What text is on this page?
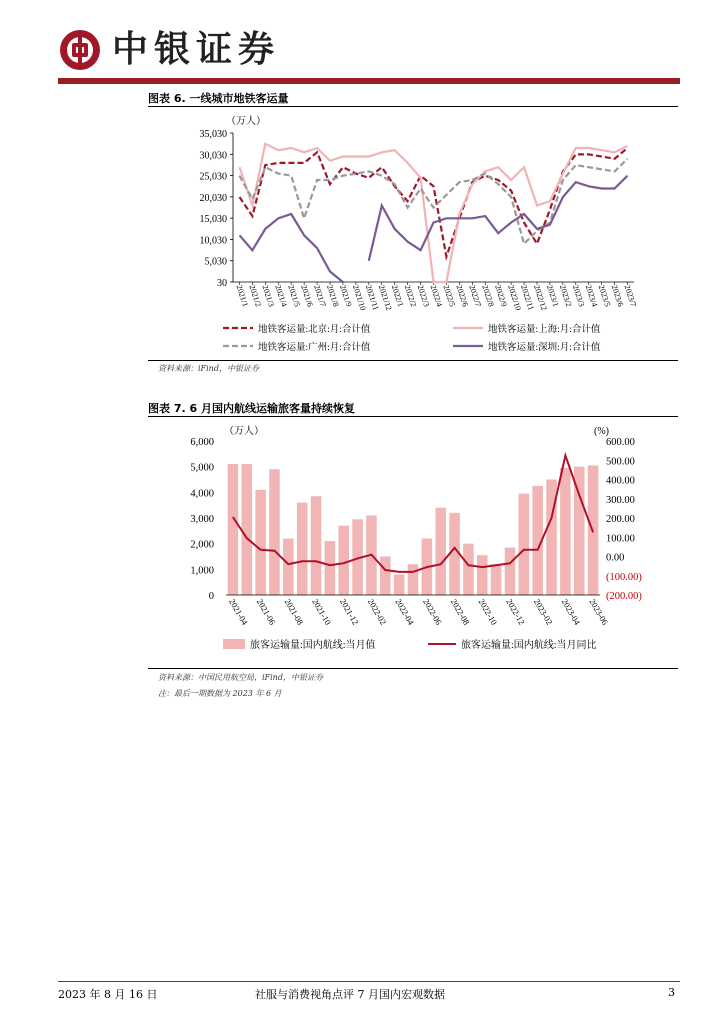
中银证券
图表 6. 一线城市地铁客运量
（万人）
35,030
30,030
25,030
20,030
15,030
10,030
5,030
30
2021/1
2021/2
2021/3
2021/4
2021/5
2021/6
2021/7
2021/8
2021/9
2021/10
2021/11
2021/12
2022/1
2022/2
2022/3
2022/4
2022/5
2022/6
2022/7
2022/8
2022/9
2022/10
2022/11
2022/12
2023/1
2023/2
2023/3
2023/4
2023/5
2023/6
2023/7
地铁客运量:北京:月:合计值	地铁客运量:上海:月:合计值
地铁客运量:广州:月:合计值	地铁客运量:深圳:月:合计值
资料来源：iFind，中银证券
图表 7. 6 月国内航线运输旅客量持续恢复
（万人）	(%)
6,000
5,000
4,000
3,000
2,000
1,000
0
600.00
500.00
400.00
300.00
200.00
100.00
0.00
(100.00)
(200.00)
2021-04 2021-06 2021-08 2021-10 2021-12 2022-02 2022-04 2022-06 2022-08 2022-10 2022-12 2023-02 2023-04 2023-06
旅客运输量:国内航线:当月值	旅客运输量:国内航线:当月同比
资料来源：中国民用航空局，iFind，中银证券
注：最后一期数据为 2023 年 6 月
2023 年 8 月 16 日	社服与消费视角点评 7 月国内宏观数据	3
